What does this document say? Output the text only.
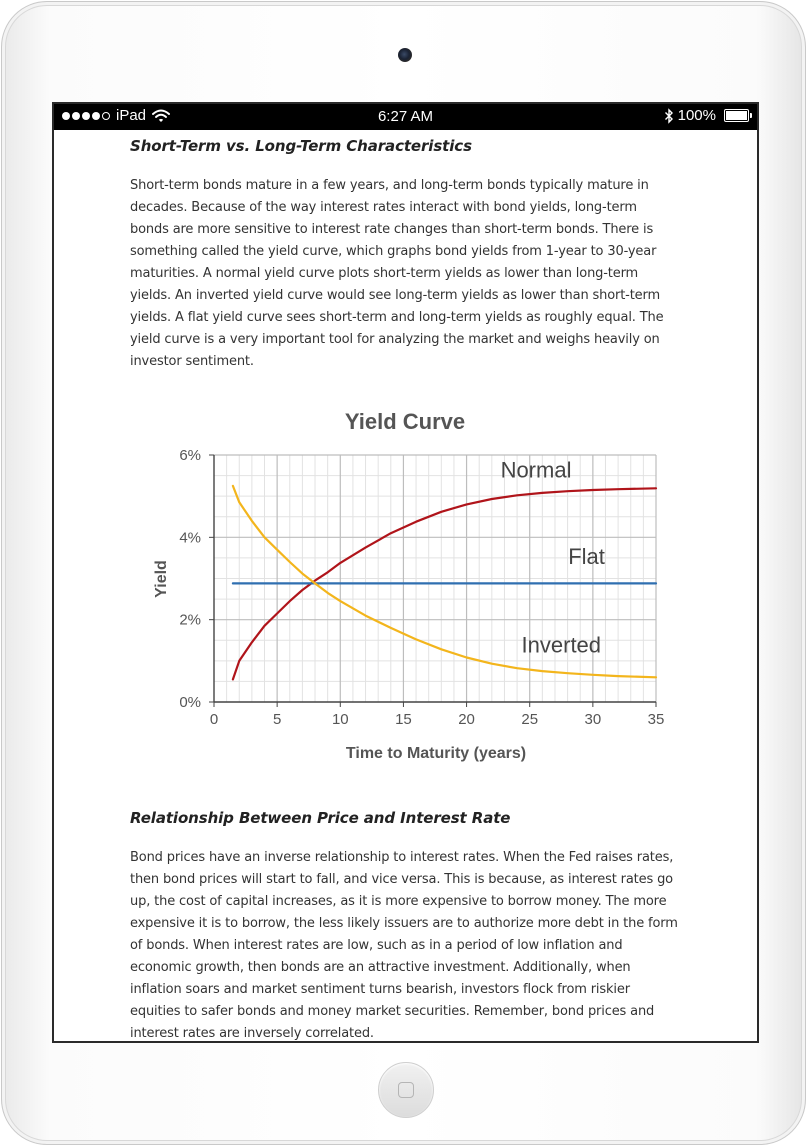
iPad	6:27 AM	100%
Short-Term vs. Long-Term Characteristics

Short-term bonds mature in a few years, and long-term bonds typically mature in decades. Because of the way interest rates interact with bond yields, long-term bonds are more sensitive to interest rate changes than short-term bonds. There is something called the yield curve, which graphs bond yields from 1-year to 30-year maturities. A normal yield curve plots short-term yields as lower than long-term yields. An inverted yield curve would see long-term yields as lower than short-term yields. A flat yield curve sees short-term and long-term yields as roughly equal. The yield curve is a very important tool for analyzing the market and weighs heavily on investor sentiment.

Relationship Between Price and Interest Rate

Bond prices have an inverse relationship to interest rates. When the Fed raises rates, then bond prices will start to fall, and vice versa. This is because, as interest rates go up, the cost of capital increases, as it is more expensive to borrow money. The more expensive it is to borrow, the less likely issuers are to authorize more debt in the form of bonds. When interest rates are low, such as in a period of low inflation and economic growth, then bonds are an attractive investment. Additionally, when inflation soars and market sentiment turns bearish, investors flock from riskier equities to safer bonds and money market securities. Remember, bond prices and interest rates are inversely correlated.

Yield Curve
0	5	10	15	20	25	30	35
0%
2%
4%
6%
Normal
Flat
Inverted
Time to Maturity (years)
Yield
